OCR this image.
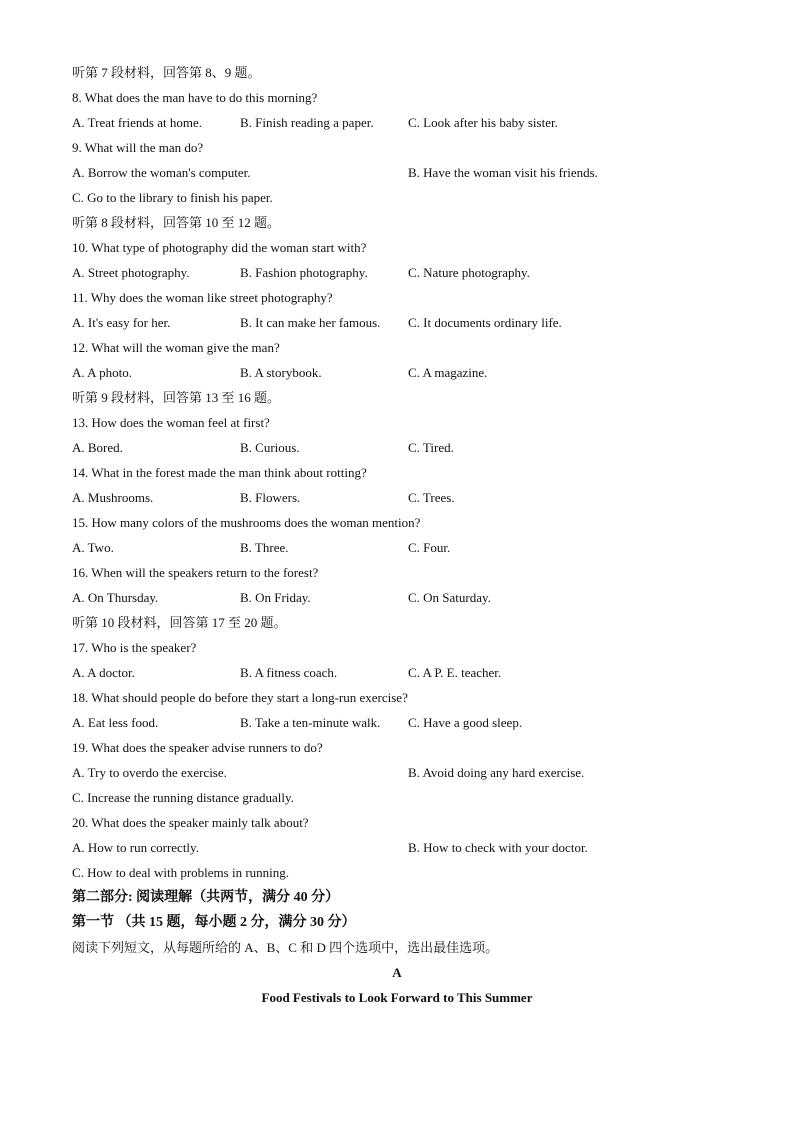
听第 7 段材料，回答第 8、9 题。
8. What does the man have to do this morning?
A. Treat friends at home.	B. Finish reading a paper.	C. Look after his baby sister.
9. What will the man do?
A. Borrow the woman's computer.	B. Have the woman visit his friends.
C. Go to the library to finish his paper.
听第 8 段材料，回答第 10 至 12 题。
10. What type of photography did the woman start with?
A. Street photography.	B. Fashion photography.	C. Nature photography.
11. Why does the woman like street photography?
A. It's easy for her.	B. It can make her famous. C. It documents ordinary life.
12. What will the woman give the man?
A. A photo.	B. A storybook.	C. A magazine.
听第 9 段材料，回答第 13 至 16 题。
13. How does the woman feel at first?
A. Bored.	B. Curious.	C. Tired.
14. What in the forest made the man think about rotting?
A. Mushrooms.	B. Flowers.	C. Trees.
15. How many colors of the mushrooms does the woman mention?
A. Two.	B. Three.	C. Four.
16. When will the speakers return to the forest?
A. On Thursday.	B. On Friday.	C. On Saturday.
听第 10 段材料，回答第 17 至 20 题。
17. Who is the speaker?
A. A doctor.	B. A fitness coach.	C. A P. E. teacher.
18. What should people do before they start a long-run exercise?
A. Eat less food.	B. Take a ten-minute walk. C. Have a good sleep.
19. What does the speaker advise runners to do?
A. Try to overdo the exercise.	B. Avoid doing any hard exercise.
C. Increase the running distance gradually.
20. What does the speaker mainly talk about?
A. How to run correctly.	B. How to check with your doctor.
C. How to deal with problems in running.
第二部分: 阅读理解（共两节，满分 40 分）
第一节 （共 15 题，每小题 2 分，满分 30 分）
阅读下列短文，从每题所给的 A、B、C 和 D 四个选项中，选出最佳选项。
A
Food Festivals to Look Forward to This Summer
